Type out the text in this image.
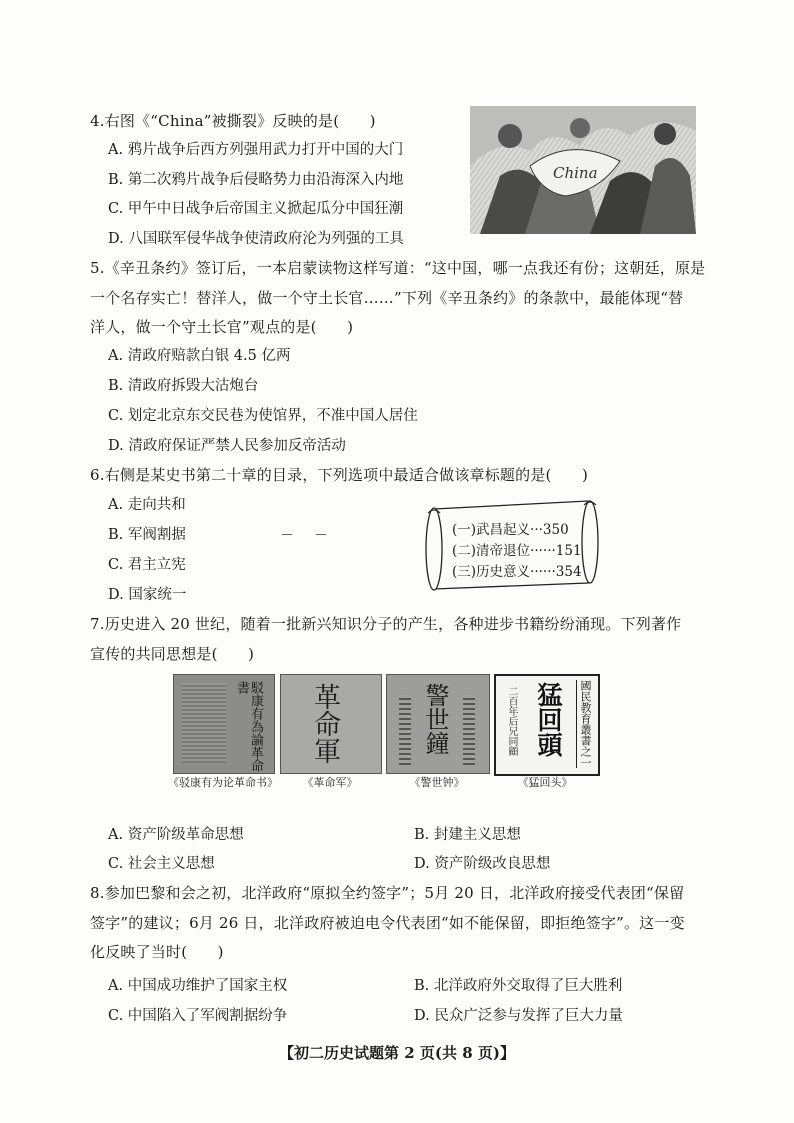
4.右图《“China”被撕裂》反映的是(　　)
A. 鸦片战争后西方列强用武力打开中国的大门
B. 第二次鸦片战争后侵略势力由沿海深入内地
C. 甲午中日战争后帝国主义掀起瓜分中国狂潮
D. 八国联军侵华战争使清政府沦为列强的工具
China
5.《辛丑条约》签订后，一本启蒙读物这样写道：“这中国，哪一点我还有份；这朝廷，原是
一个名存实亡！替洋人，做一个守土长官……”下列《辛丑条约》的条款中，最能体现“替
洋人，做一个守土长官”观点的是(　　)
A. 清政府赔款白银 4.5 亿两
B. 清政府拆毁大沽炮台
C. 划定北京东交民巷为使馆界，不准中国人居住
D. 清政府保证严禁人民参加反帝活动
6.右侧是某史书第二十章的目录，下列选项中最适合做该章标题的是(　　)
A. 走向共和
B. 军阀割据
C. 君主立宪
D. 国家统一
(一)武昌起义···350
(二)清帝退位······151
(三)历史意义······354
7.历史进入 20 世纪，随着一批新兴知识分子的产生，各种进步书籍纷纷涌现。下列著作
宣传的共同思想是(　　)
駁康有為論革命書	革命軍	警世鐘	猛回頭 國民教育叢書之一
二百年后兄同顧
《驳康有为论革命书》	《革命军》	《警世钟》	《猛回头》
A. 资产阶级革命思想	B. 封建主义思想
C. 社会主义思想	D. 资产阶级改良思想
8.参加巴黎和会之初，北洋政府“原拟全约签字”；5月 20 日，北洋政府接受代表团“保留
签字”的建议；6月 26 日，北洋政府被迫电令代表团“如不能保留，即拒绝签字”。这一变
化反映了当时(　　)
A. 中国成功维护了国家主权	B. 北洋政府外交取得了巨大胜利
C. 中国陷入了军阀割据纷争	D. 民众广泛参与发挥了巨大力量
【初二历史试题第 2 页(共 8 页)】
